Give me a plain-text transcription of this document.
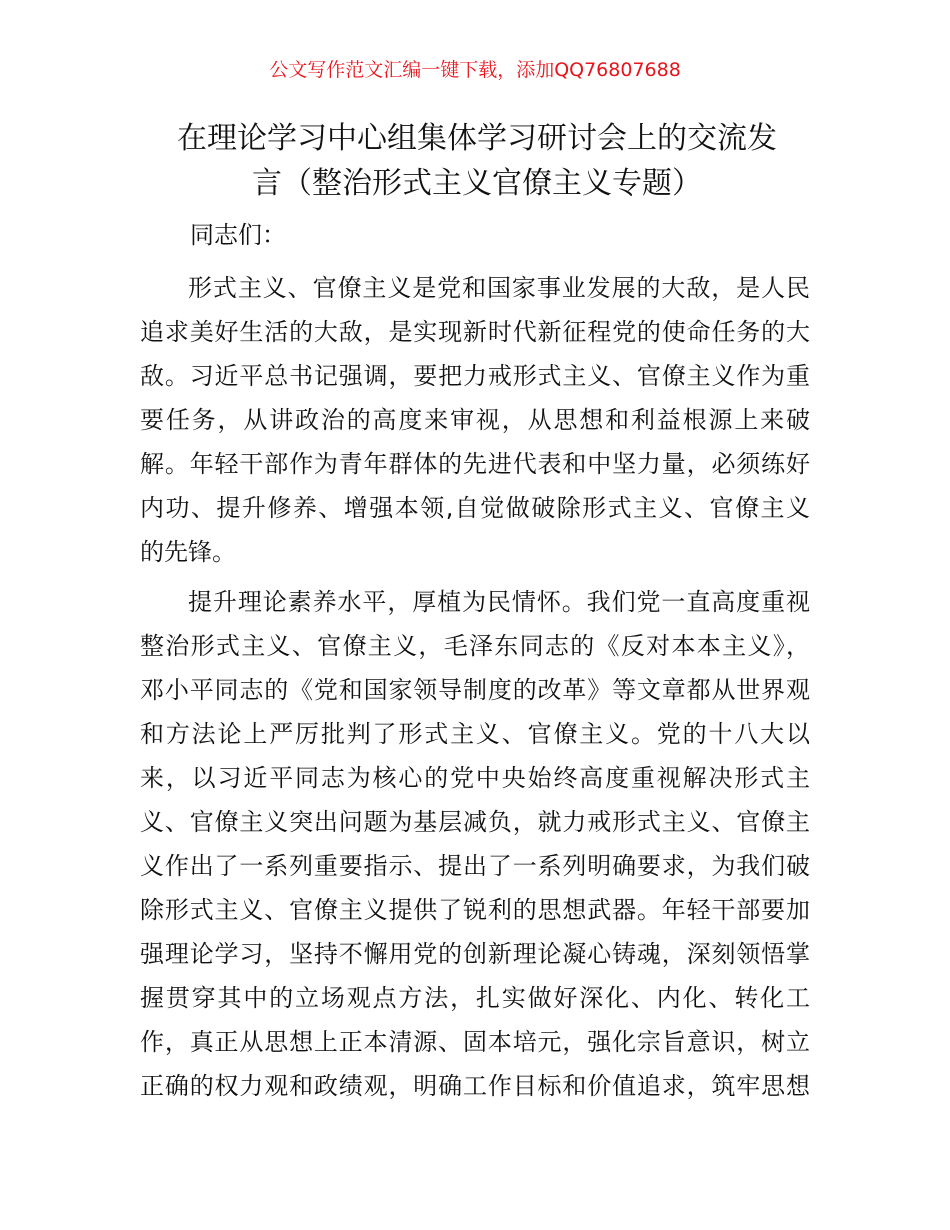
公文写作范文汇编一键下载，添加QQ76807688
在理论学习中心组集体学习研讨会上的交流发
言（整治形式主义官僚主义专题）
同志们：
形式主义、官僚主义是党和国家事业发展的大敌，是人民
追求美好生活的大敌，是实现新时代新征程党的使命任务的大
敌。习近平总书记强调，要把力戒形式主义、官僚主义作为重
要任务，从讲政治的高度来审视，从思想和利益根源上来破
解。年轻干部作为青年群体的先进代表和中坚力量，必须练好
内功、提升修养、增强本领,自觉做破除形式主义、官僚主义
的先锋。
提升理论素养水平，厚植为民情怀。我们党一直高度重视
整治形式主义、官僚主义，毛泽东同志的《反对本本主义》，
邓小平同志的《党和国家领导制度的改革》等文章都从世界观
和方法论上严厉批判了形式主义、官僚主义。党的十八大以
来，以习近平同志为核心的党中央始终高度重视解决形式主
义、官僚主义突出问题为基层减负，就力戒形式主义、官僚主
义作出了一系列重要指示、提出了一系列明确要求，为我们破
除形式主义、官僚主义提供了锐利的思想武器。年轻干部要加
强理论学习，坚持不懈用党的创新理论凝心铸魂，深刻领悟掌
握贯穿其中的立场观点方法，扎实做好深化、内化、转化工
作，真正从思想上正本清源、固本培元，强化宗旨意识，树立
正确的权力观和政绩观，明确工作目标和价值追求，筑牢思想
